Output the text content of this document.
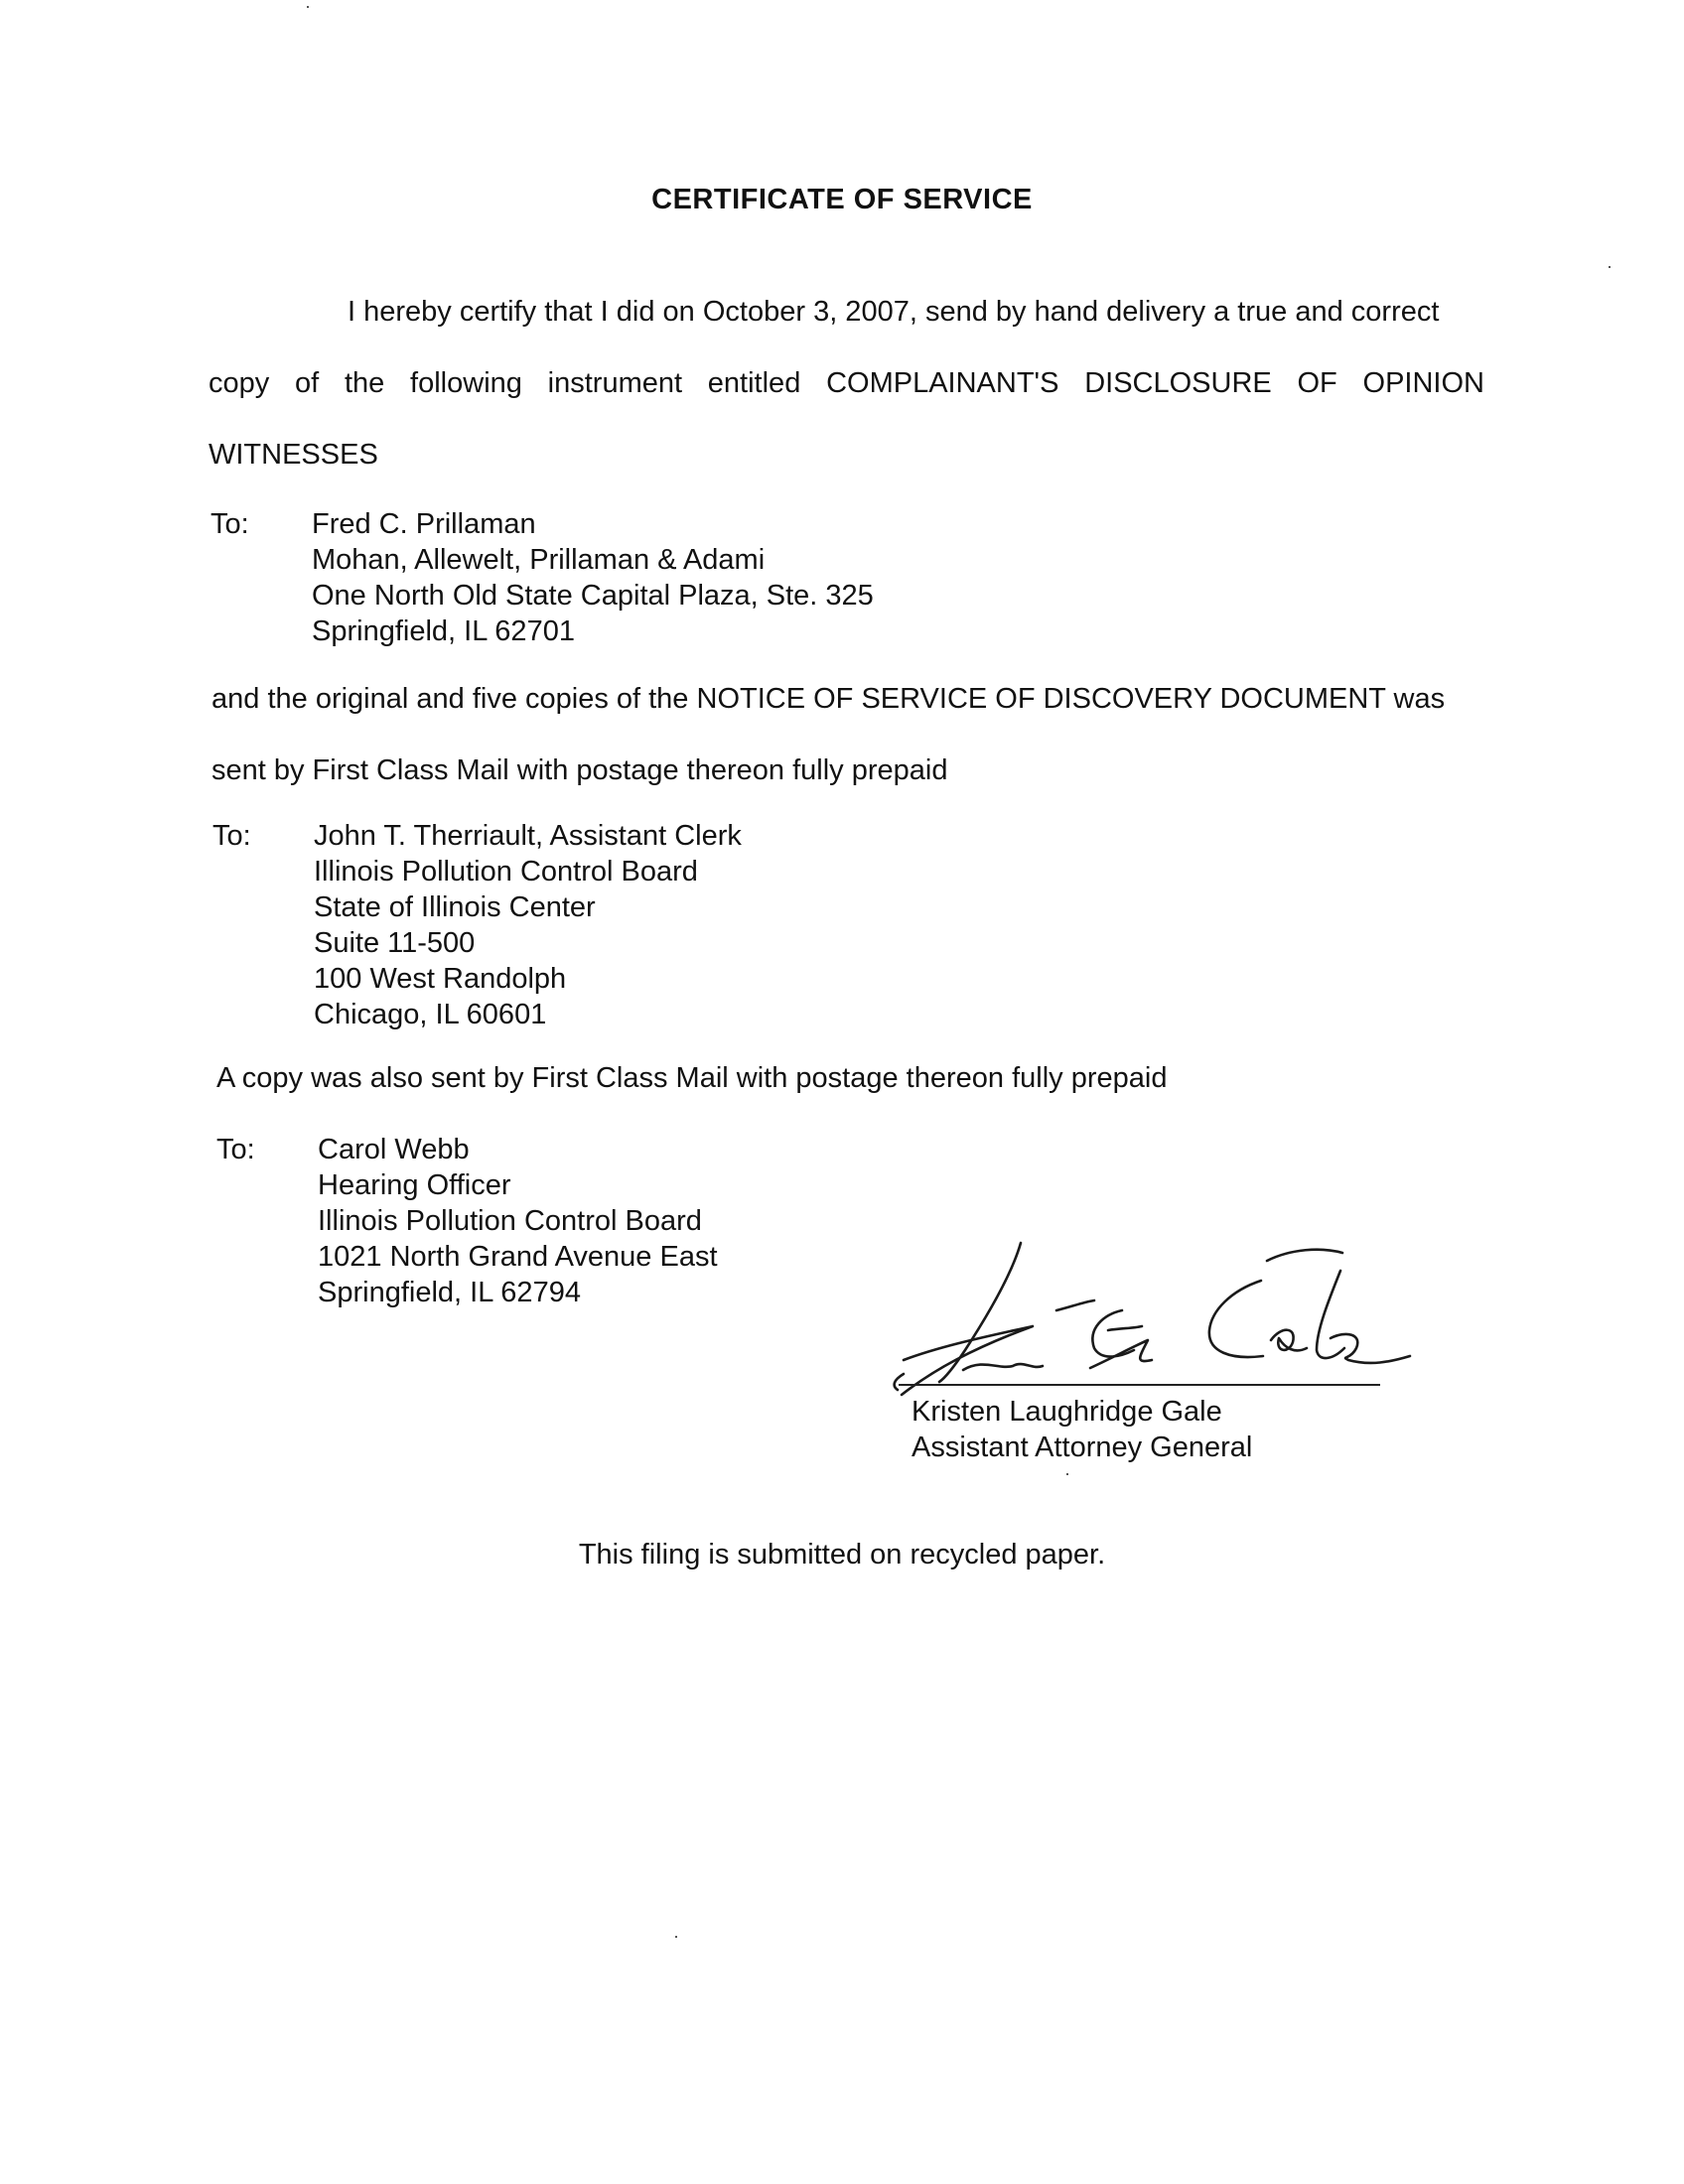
CERTIFICATE OF SERVICE
I hereby certify that I did on October 3, 2007, send by hand delivery a true and correct
copy of the following instrument entitled COMPLAINANT'S DISCLOSURE OF OPINION
WITNESSES
To: Fred C. Prillaman
Mohan, Allewelt, Prillaman & Adami
One North Old State Capital Plaza, Ste. 325
Springfield, IL 62701
and the original and five copies of the NOTICE OF SERVICE OF DISCOVERY DOCUMENT was
sent by First Class Mail with postage thereon fully prepaid
To: John T. Therriault, Assistant Clerk
Illinois Pollution Control Board
State of Illinois Center
Suite 11-500
100 West Randolph
Chicago, IL 60601
A copy was also sent by First Class Mail with postage thereon fully prepaid
To: Carol Webb
Hearing Officer
Illinois Pollution Control Board
1021 North Grand Avenue East
Springfield, IL 62794
Kristen Laughridge Gale
Assistant Attorney General
This filing is submitted on recycled paper.
